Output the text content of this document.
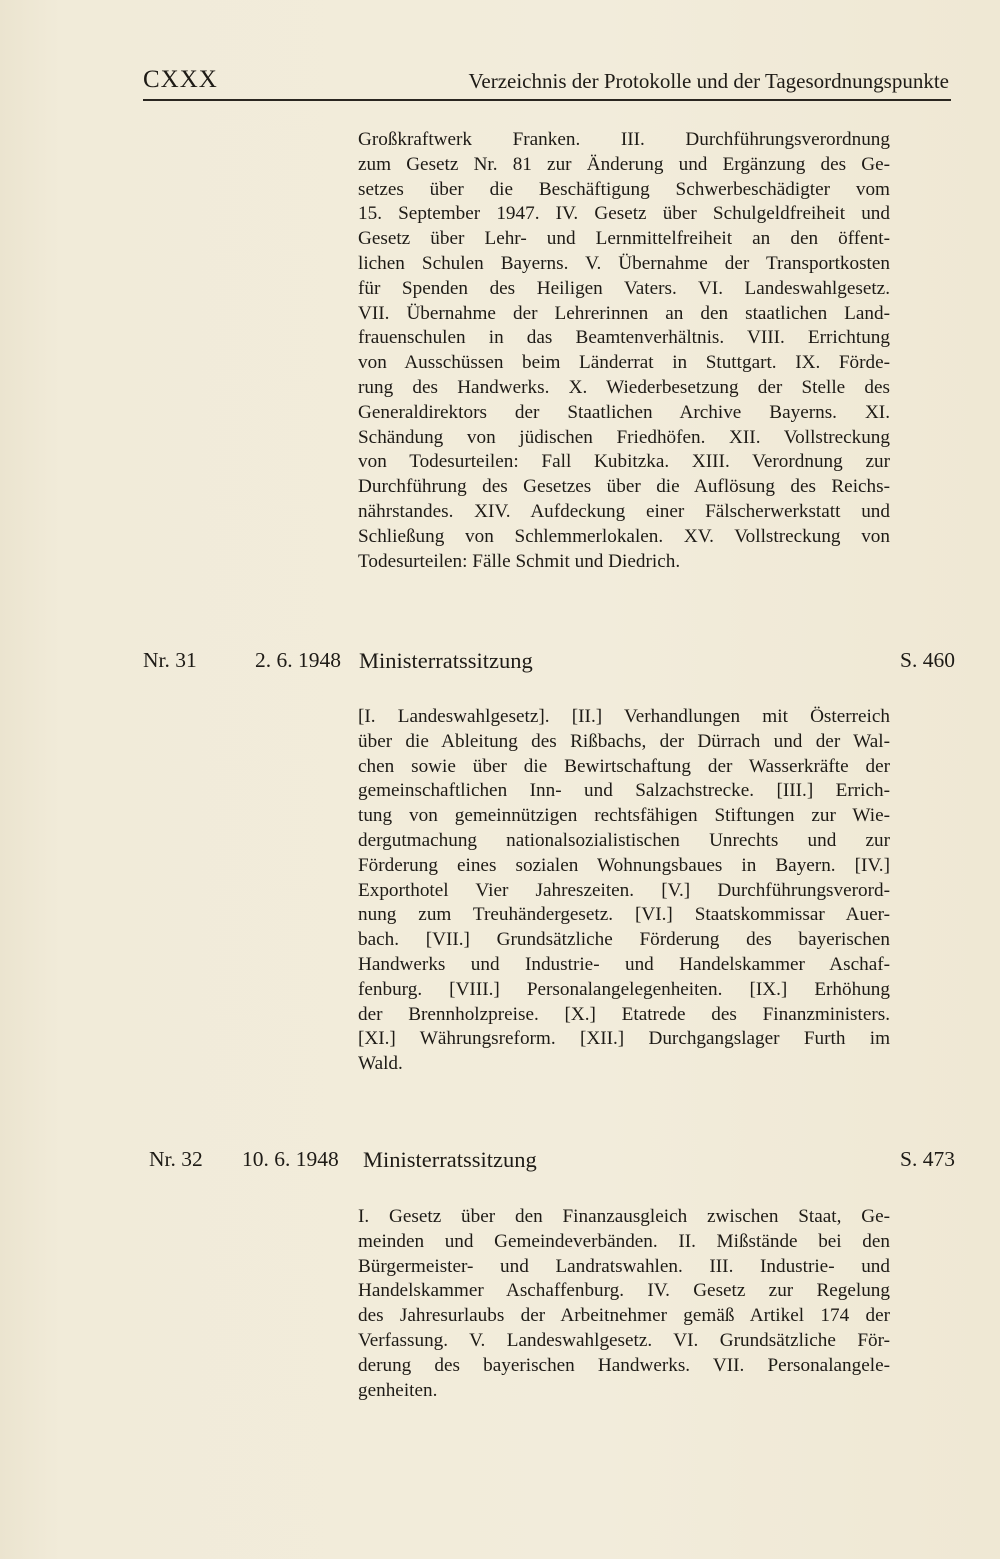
CXXX	Verzeichnis der Protokolle und der Tagesordnungspunkte
Großkraftwerk Franken. III. Durchführungsverordnung
zum Gesetz Nr. 81 zur Änderung und Ergänzung des Ge-
setzes über die Beschäftigung Schwerbeschädigter vom
15. September 1947. IV. Gesetz über Schulgeldfreiheit und
Gesetz über Lehr- und Lernmittelfreiheit an den öffent-
lichen Schulen Bayerns. V. Übernahme der Transportkosten
für Spenden des Heiligen Vaters. VI. Landeswahlgesetz.
VII. Übernahme der Lehrerinnen an den staatlichen Land-
frauenschulen in das Beamtenverhältnis. VIII. Errichtung
von Ausschüssen beim Länderrat in Stuttgart. IX. Förde-
rung des Handwerks. X. Wiederbesetzung der Stelle des
Generaldirektors der Staatlichen Archive Bayerns. XI.
Schändung von jüdischen Friedhöfen. XII. Vollstreckung
von Todesurteilen: Fall Kubitzka. XIII. Verordnung zur
Durchführung des Gesetzes über die Auflösung des Reichs-
nährstandes. XIV. Aufdeckung einer Fälscherwerkstatt und
Schließung von Schlemmerlokalen. XV. Vollstreckung von
Todesurteilen: Fälle Schmit und Diedrich.
Nr. 31	2. 6. 1948 Ministerratssitzung	S. 460
[I. Landeswahlgesetz]. [II.] Verhandlungen mit Österreich
über die Ableitung des Rißbachs, der Dürrach und der Wal-
chen sowie über die Bewirtschaftung der Wasserkräfte der
gemeinschaftlichen Inn- und Salzachstrecke. [III.] Errich-
tung von gemeinnützigen rechtsfähigen Stiftungen zur Wie-
dergutmachung nationalsozialistischen Unrechts und zur
Förderung eines sozialen Wohnungsbaues in Bayern. [IV.]
Exporthotel Vier Jahreszeiten. [V.] Durchführungsverord-
nung zum Treuhändergesetz. [VI.] Staatskommissar Auer-
bach. [VII.] Grundsätzliche Förderung des bayerischen
Handwerks und Industrie- und Handelskammer Aschaf-
fenburg. [VIII.] Personalangelegenheiten. [IX.] Erhöhung
der Brennholzpreise. [X.] Etatrede des Finanzministers.
[XI.] Währungsreform. [XII.] Durchgangslager Furth im
Wald.
Nr. 32 10. 6. 1948 Ministerratssitzung	S. 473
I. Gesetz über den Finanzausgleich zwischen Staat, Ge-
meinden und Gemeindeverbänden. II. Mißstände bei den
Bürgermeister- und Landratswahlen. III. Industrie- und
Handelskammer Aschaffenburg. IV. Gesetz zur Regelung
des Jahresurlaubs der Arbeitnehmer gemäß Artikel 174 der
Verfassung. V. Landeswahlgesetz. VI. Grundsätzliche För-
derung des bayerischen Handwerks. VII. Personalangele-
genheiten.
